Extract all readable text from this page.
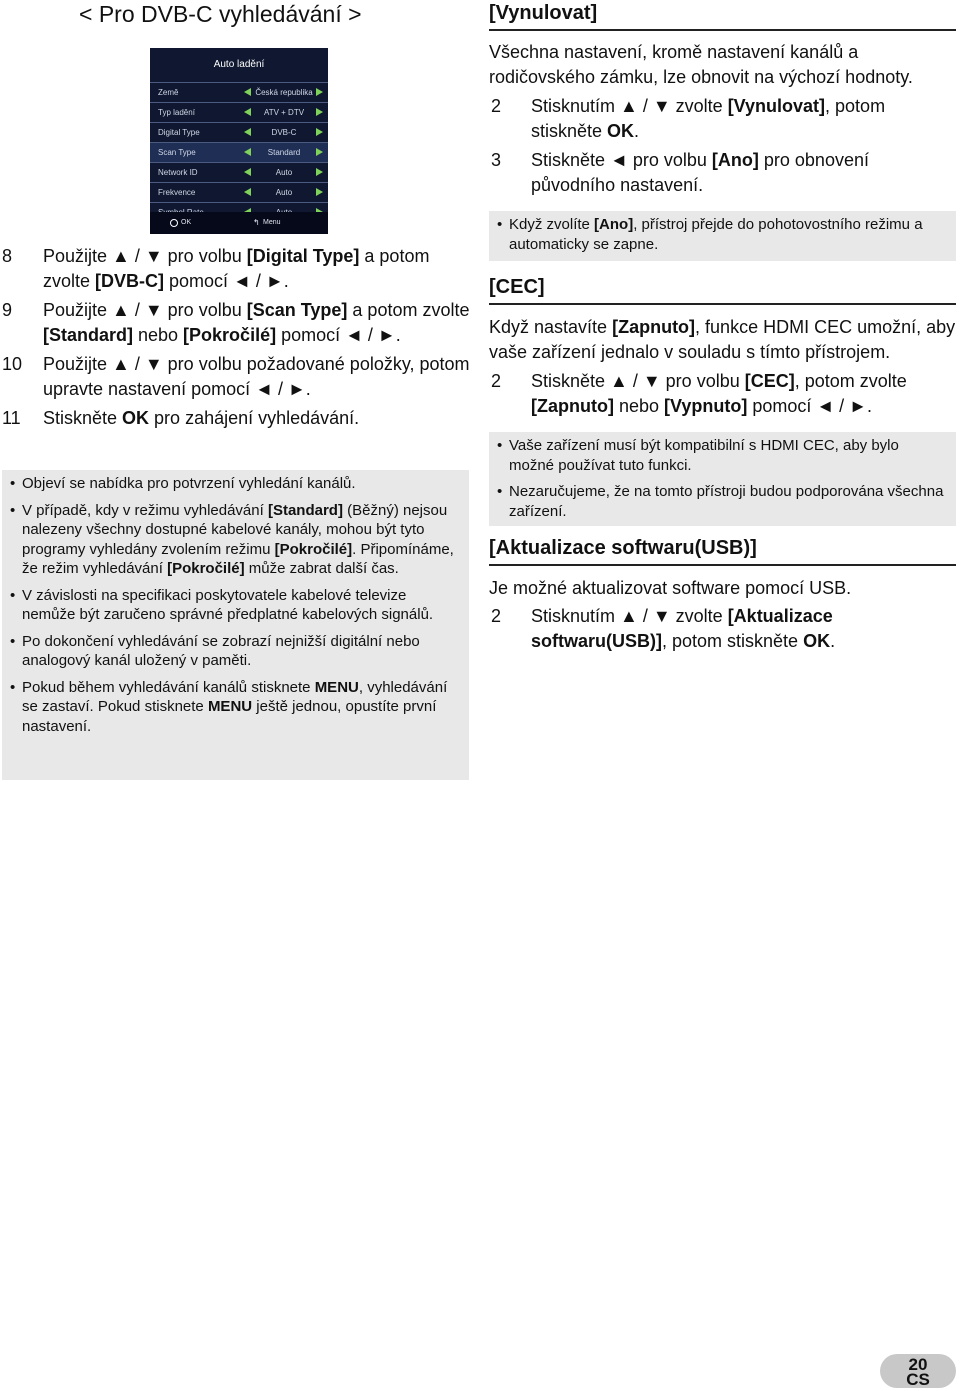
< Pro DVB-C vyhledávání >
Auto ladění
Země	Česká republika
Typ ladění	ATV + DTV
Digital Type	DVB-C
Scan Type	Standard
Network ID	Auto
Frekvence	Auto
OK	↰ Menu
8 Použijte ▲ / ▼ pro volbu [Digital Type] a potom zvolte [DVB-C] pomocí ◄ / ►.
9 Použijte ▲ / ▼ pro volbu [Scan Type] a potom zvolte [Standard] nebo [Pokročilé] pomocí ◄ / ►.
10 Použijte ▲ / ▼ pro volbu požadované položky, potom upravte nastavení pomocí ◄ / ►.
11 Stiskněte OK pro zahájení vyhledávání.
• Objeví se nabídka pro potvrzení vyhledání kanálů.
• V případě, kdy v režimu vyhledávání [Standard] (Běžný) nejsou nalezeny všechny dostupné kabelové kanály, mohou být tyto programy vyhledány zvolením režimu [Pokročilé]. Připomínáme, že režim vyhledávání [Pokročilé] může zabrat další čas.
• V závislosti na specifikaci poskytovatele kabelové televize nemůže být zaručeno správné předplatné kabelových signálů.
• Po dokončení vyhledávání se zobrazí nejnižší digitální nebo analogový kanál uložený v paměti.
• Pokud během vyhledávání kanálů stisknete MENU, vyhledávání se zastaví. Pokud stisknete MENU ještě jednou, opustíte první nastavení.
[Vynulovat]
Všechna nastavení, kromě nastavení kanálů a rodičovského zámku, lze obnovit na výchozí hodnoty.
2 Stisknutím ▲ / ▼ zvolte [Vynulovat], potom stiskněte OK.
3 Stiskněte ◄ pro volbu [Ano] pro obnovení původního nastavení.
• Když zvolíte [Ano], přístroj přejde do pohotovostního režimu a automaticky se zapne.
[CEC]
Když nastavíte [Zapnuto], funkce HDMI CEC umožní, aby vaše zařízení jednalo v souladu s tímto přístrojem.
2 Stiskněte ▲ / ▼ pro volbu [CEC], potom zvolte [Zapnuto] nebo [Vypnuto] pomocí ◄ / ►.
• Vaše zařízení musí být kompatibilní s HDMI CEC, aby bylo možné používat tuto funkci.
• Nezaručujeme, že na tomto přístroji budou podporována všechna zařízení.
[Aktualizace softwaru(USB)]
Je možné aktualizovat software pomocí USB.
2 Stisknutím ▲ / ▼ zvolte [Aktualizace softwaru(USB)], potom stiskněte OK.
20
CS
